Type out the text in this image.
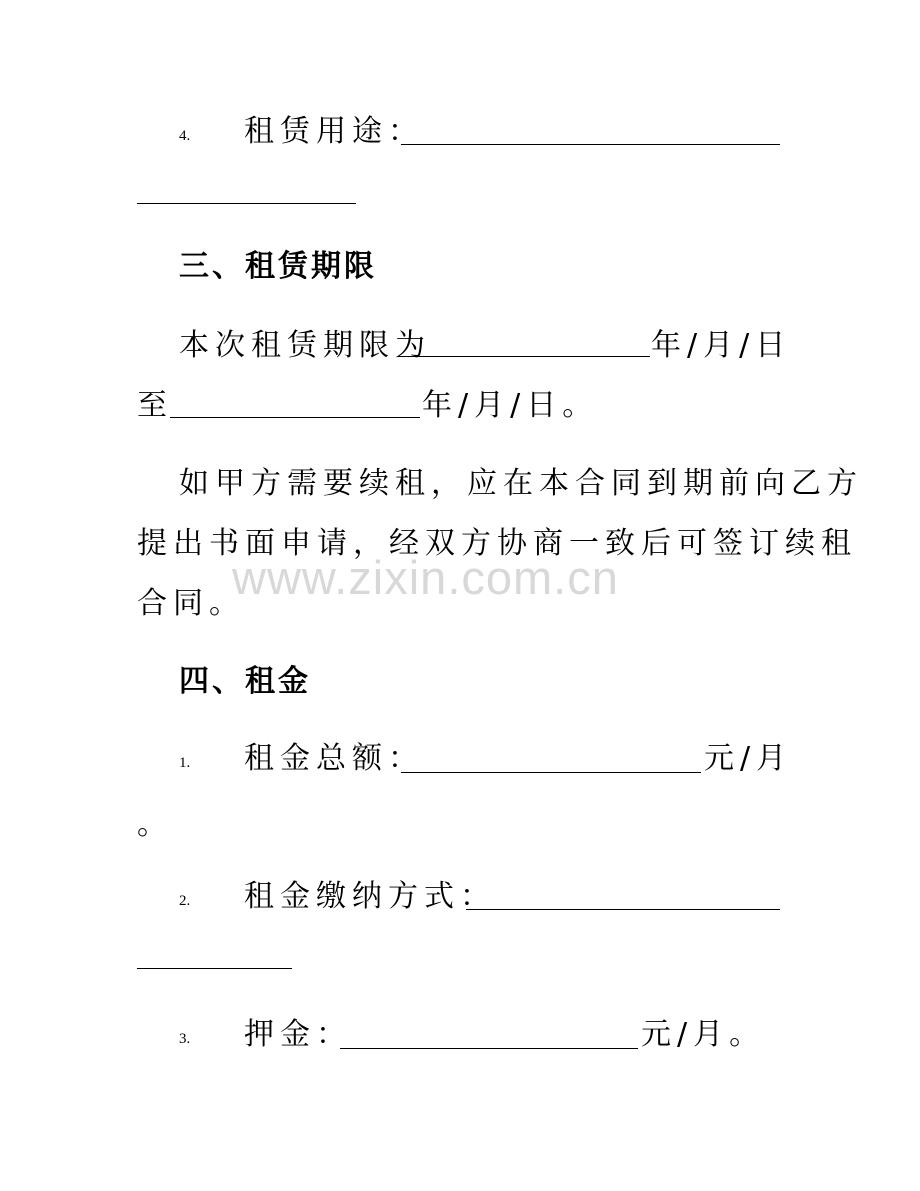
www.zixin.com.cn
4. 租赁用途：
三、租赁期限
本次租赁期限为	年/月/日
至	年/月/日。
如甲方需要续租，应在本合同到期前向乙方
提出书面申请，经双方协商一致后可签订续租
合同。
四、租金
1. 租金总额：	元/月
。
2. 租金缴纳方式：
3. 押金：	元/月。
